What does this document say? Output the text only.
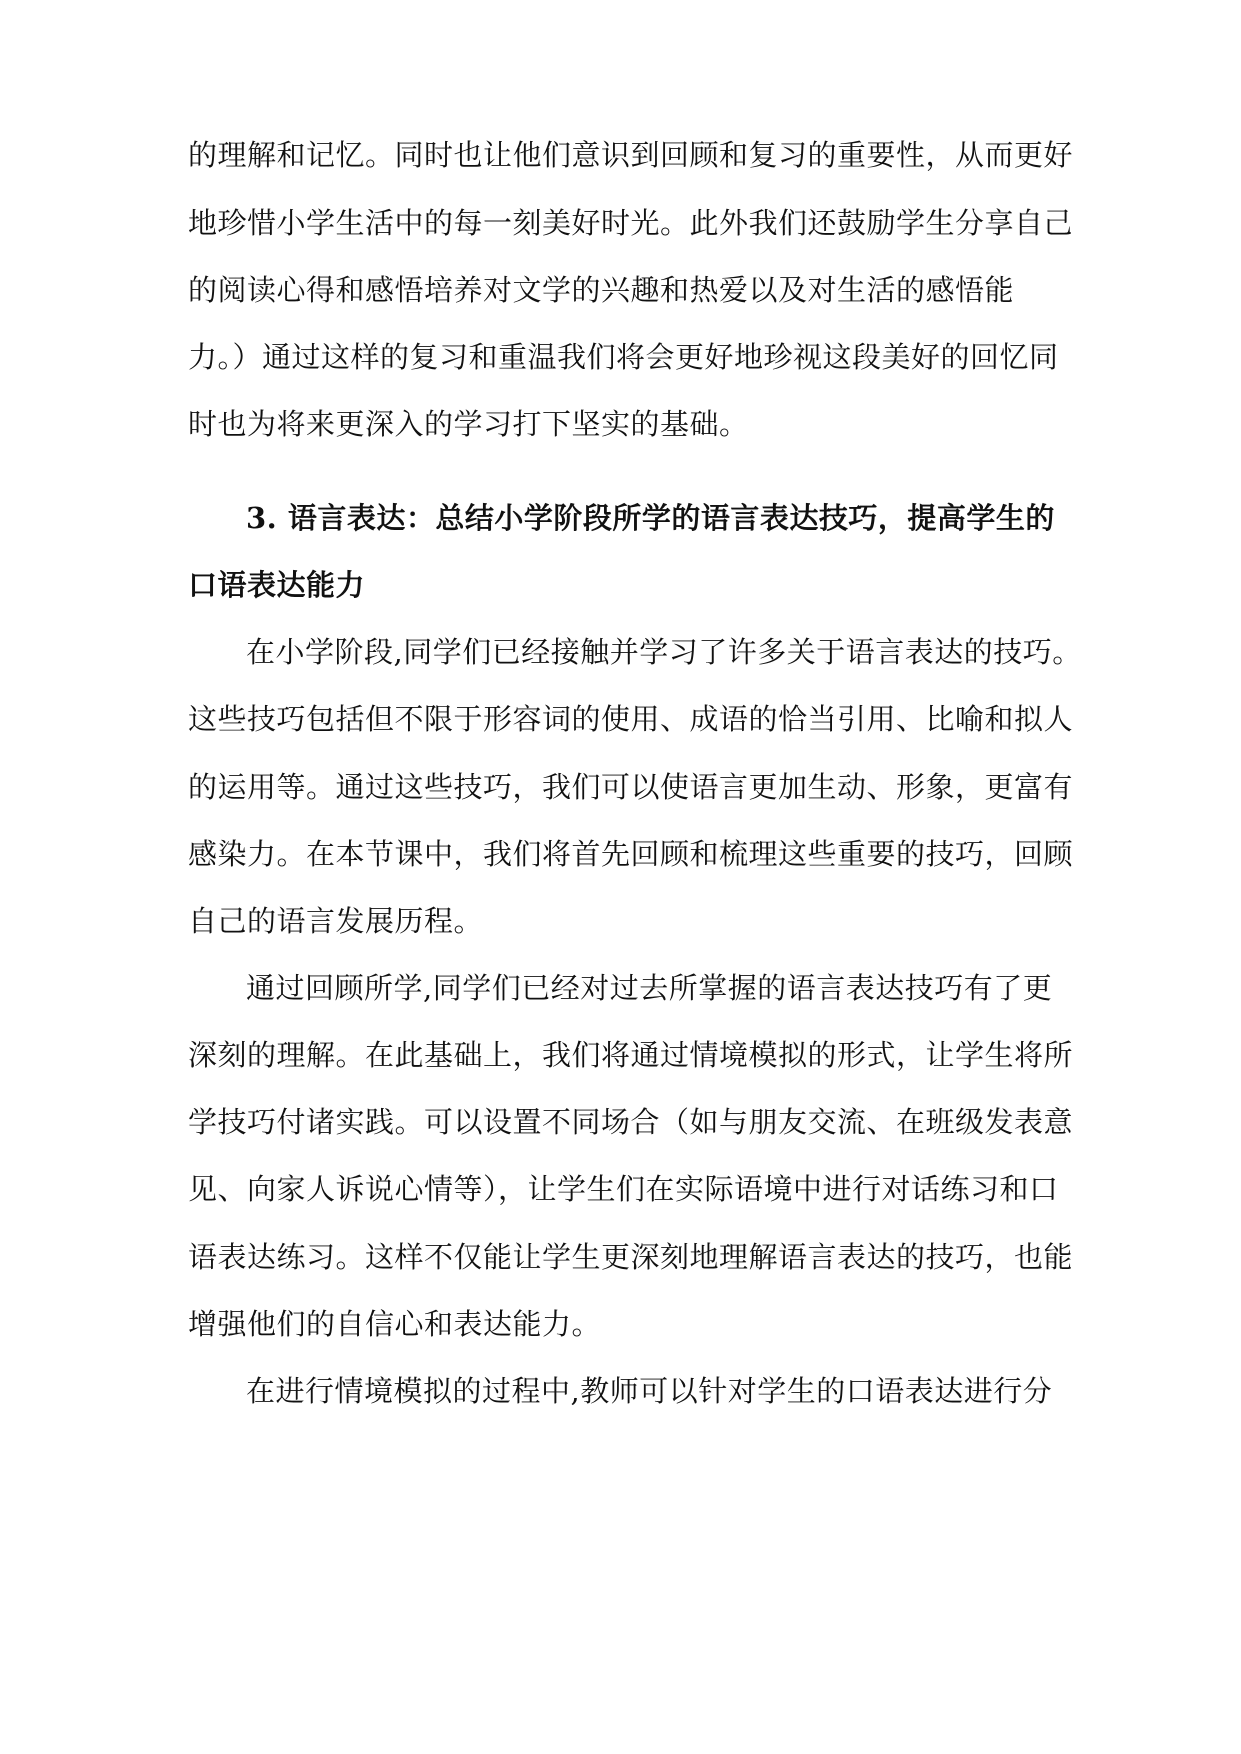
的理解和记忆。同时也让他们意识到回顾和复习的重要性，从而更好
地珍惜小学生活中的每一刻美好时光。此外我们还鼓励学生分享自己
的阅读心得和感悟培养对文学的兴趣和热爱以及对生活的感悟能
力。）通过这样的复习和重温我们将会更好地珍视这段美好的回忆同
时也为将来更深入的学习打下坚实的基础。
3. 语言表达：总结小学阶段所学的语言表达技巧，提高学生的
口语表达能力
在小学阶段,同学们已经接触并学习了许多关于语言表达的技巧。
这些技巧包括但不限于形容词的使用、成语的恰当引用、比喻和拟人
的运用等。通过这些技巧，我们可以使语言更加生动、形象，更富有
感染力。在本节课中，我们将首先回顾和梳理这些重要的技巧，回顾
自己的语言发展历程。
通过回顾所学,同学们已经对过去所掌握的语言表达技巧有了更
深刻的理解。在此基础上，我们将通过情境模拟的形式，让学生将所
学技巧付诸实践。可以设置不同场合（如与朋友交流、在班级发表意
见、向家人诉说心情等），让学生们在实际语境中进行对话练习和口
语表达练习。这样不仅能让学生更深刻地理解语言表达的技巧，也能
增强他们的自信心和表达能力。
在进行情境模拟的过程中,教师可以针对学生的口语表达进行分
